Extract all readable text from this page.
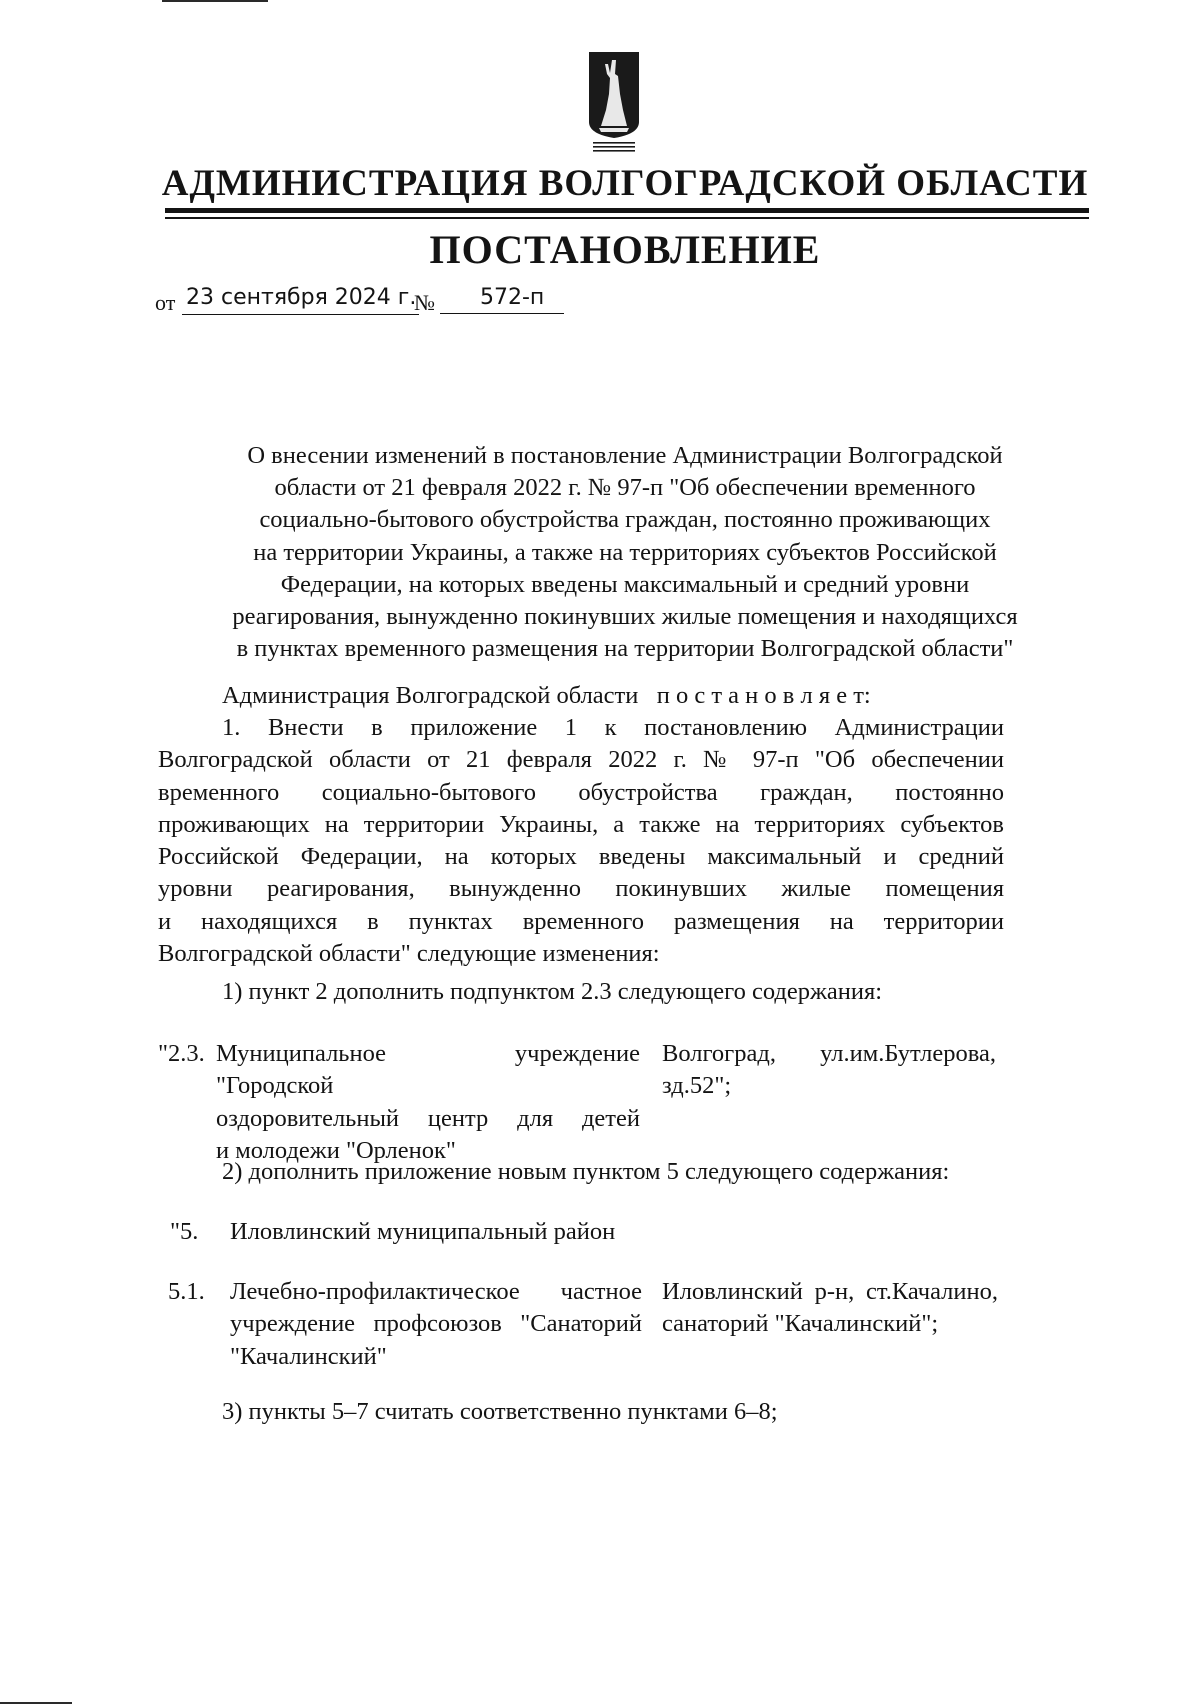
АДМИНИСТРАЦИЯ ВОЛГОГРАДСКОЙ ОБЛАСТИ
ПОСТАНОВЛЕНИЕ
от 23 сентября 2024 г.
№	572-п
О внесении изменений в постановление Администрации Волгоградской
области от 21 февраля 2022 г. № 97-п "Об обеспечении временного
социально-бытового обустройства граждан, постоянно проживающих
на территории Украины, а также на территориях субъектов Российской
Федерации, на которых введены максимальный и средний уровни
реагирования, вынужденно покинувших жилые помещения и находящихся
в пунктах временного размещения на территории Волгоградской области"
Администрация Волгоградской области п о с т а н о в л я е т:
1. Внести в приложение 1 к постановлению Администрации
Волгоградской области от 21 февраля 2022 г. № 97-п "Об обеспечении
временного социально-бытового обустройства граждан, постоянно
проживающих на территории Украины, а также на территориях субъектов
Российской Федерации, на которых введены максимальный и средний
уровни реагирования, вынужденно покинувших жилые помещения
и находящихся в пунктах временного размещения на территории
Волгоградской области" следующие изменения:
1) пункт 2 дополнить подпунктом 2.3 следующего содержания:
"2.3. Муниципальное учреждение "Городской
оздоровительный центр для детей
и молодежи "Орленок"
Волгоград, ул.им.Бутлерова,
зд.52";
2) дополнить приложение новым пунктом 5 следующего содержания:
"5. Иловлинский муниципальный район
5.1. Лечебно-профилактическое частное
учреждение профсоюзов "Санаторий
"Качалинский"
Иловлинский р-н, ст.Качалино,
санаторий "Качалинский";
3) пункты 5–7 считать соответственно пунктами 6–8;
